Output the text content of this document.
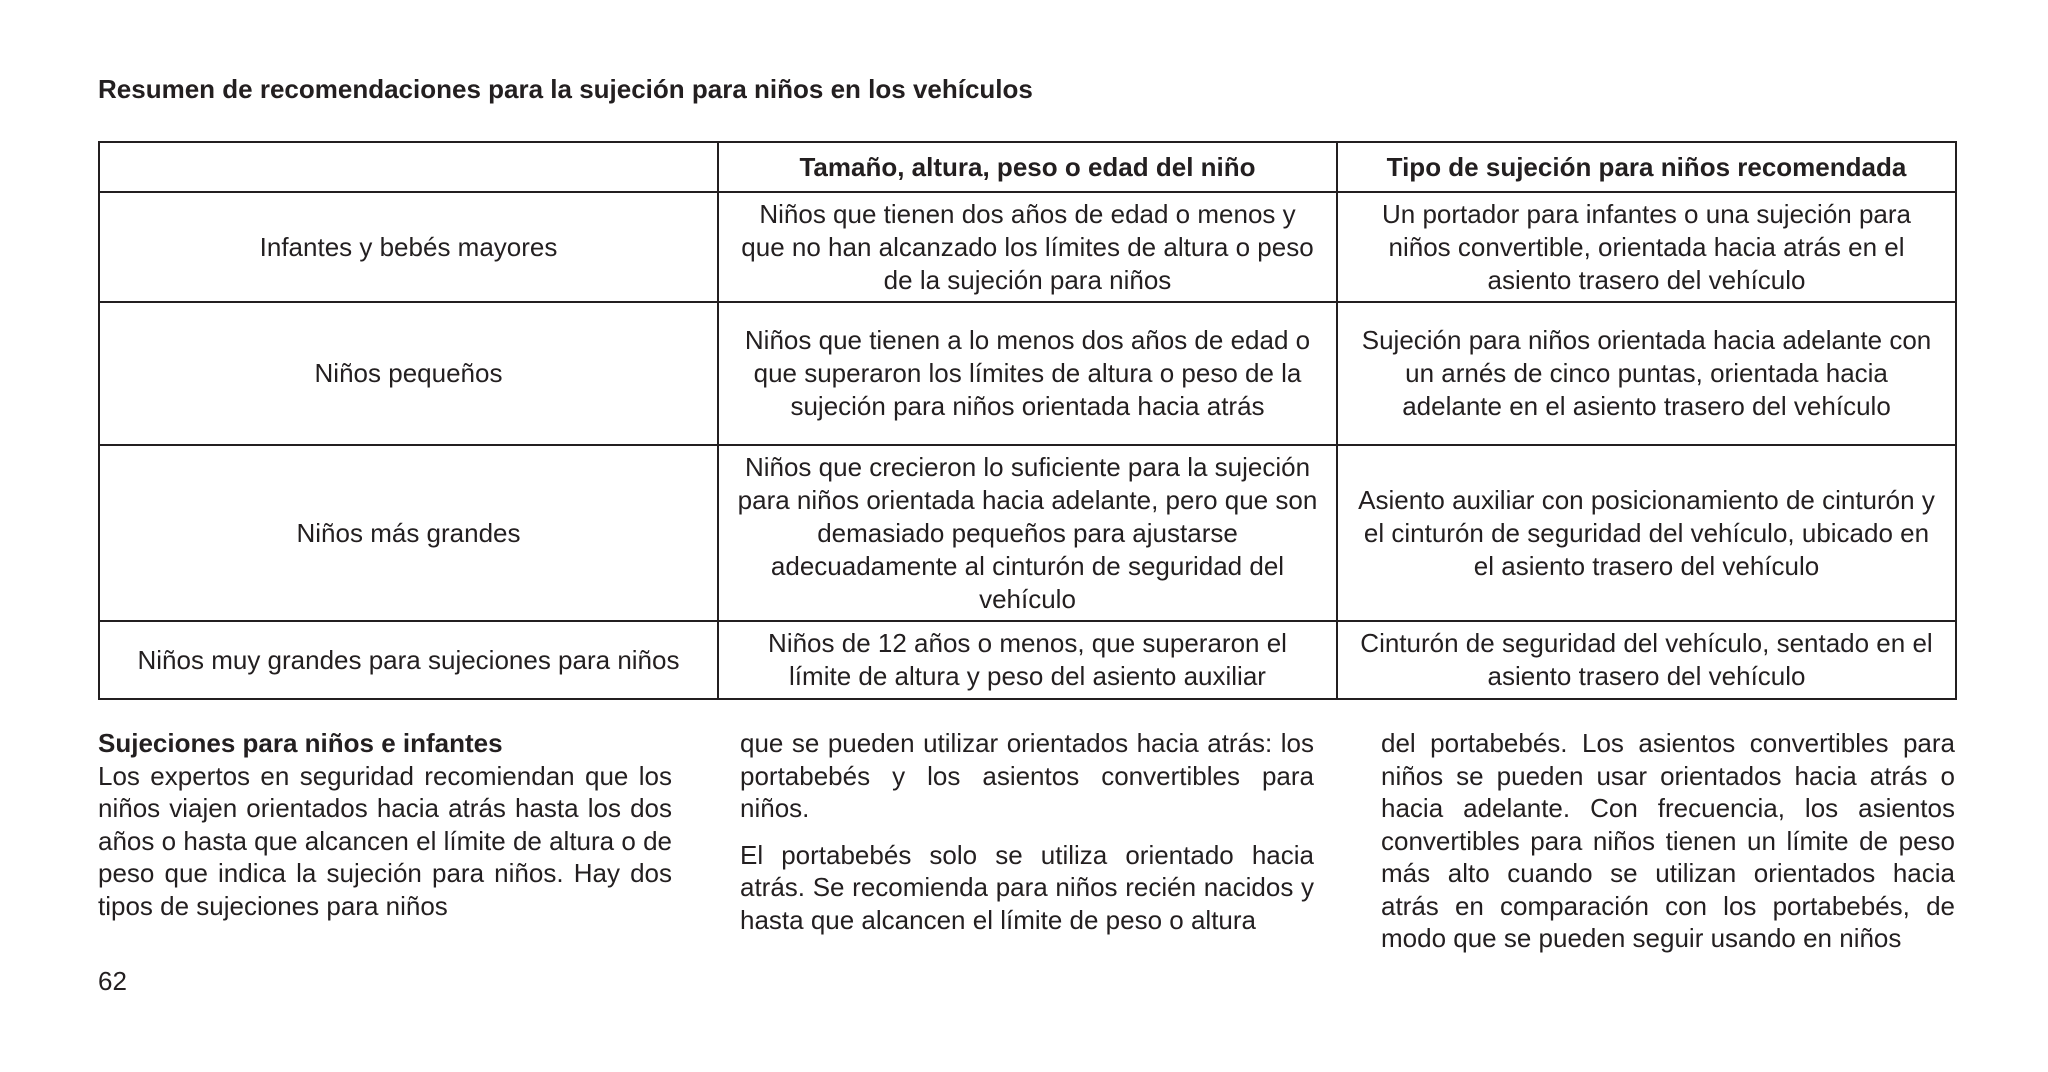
Resumen de recomendaciones para la sujeción para niños en los vehículos
	Tamaño, altura, peso o edad del niño	Tipo de sujeción para niños recomendada
Infantes y bebés mayores	Niños que tienen dos años de edad o menos y que no han alcanzado los límites de altura o peso de la sujeción para niños	Un portador para infantes o una sujeción para niños convertible, orientada hacia atrás en el asiento trasero del vehículo
Niños pequeños	Niños que tienen a lo menos dos años de edad o que superaron los límites de altura o peso de la sujeción para niños orientada hacia atrás	Sujeción para niños orientada hacia adelante con un arnés de cinco puntas, orientada hacia adelante en el asiento trasero del vehículo
Niños más grandes	Niños que crecieron lo suficiente para la sujeción para niños orientada hacia adelante, pero que son demasiado pequeños para ajustarse adecuadamente al cinturón de seguridad del vehículo	Asiento auxiliar con posicionamiento de cinturón y el cinturón de seguridad del vehículo, ubicado en el asiento trasero del vehículo
Niños muy grandes para sujeciones para niños	Niños de 12 años o menos, que superaron el límite de altura y peso del asiento auxiliar	Cinturón de seguridad del vehículo, sentado en el asiento trasero del vehículo
Sujeciones para niños e infantes

Los expertos en seguridad recomiendan que los niños viajen orientados hacia atrás hasta los dos años o hasta que alcancen el límite de altura o de peso que indica la sujeción para niños. Hay dos tipos de sujeciones para niños

que se pueden utilizar orientados hacia atrás: los portabebés y los asientos convertibles para niños.

El portabebés solo se utiliza orientado hacia atrás. Se recomienda para niños recién nacidos y hasta que alcancen el límite de peso o altura

del portabebés. Los asientos convertibles para niños se pueden usar orientados hacia atrás o hacia adelante. Con frecuencia, los asientos convertibles para niños tienen un límite de peso más alto cuando se utilizan orientados hacia atrás en comparación con los portabebés, de modo que se pueden seguir usando en niños

62
